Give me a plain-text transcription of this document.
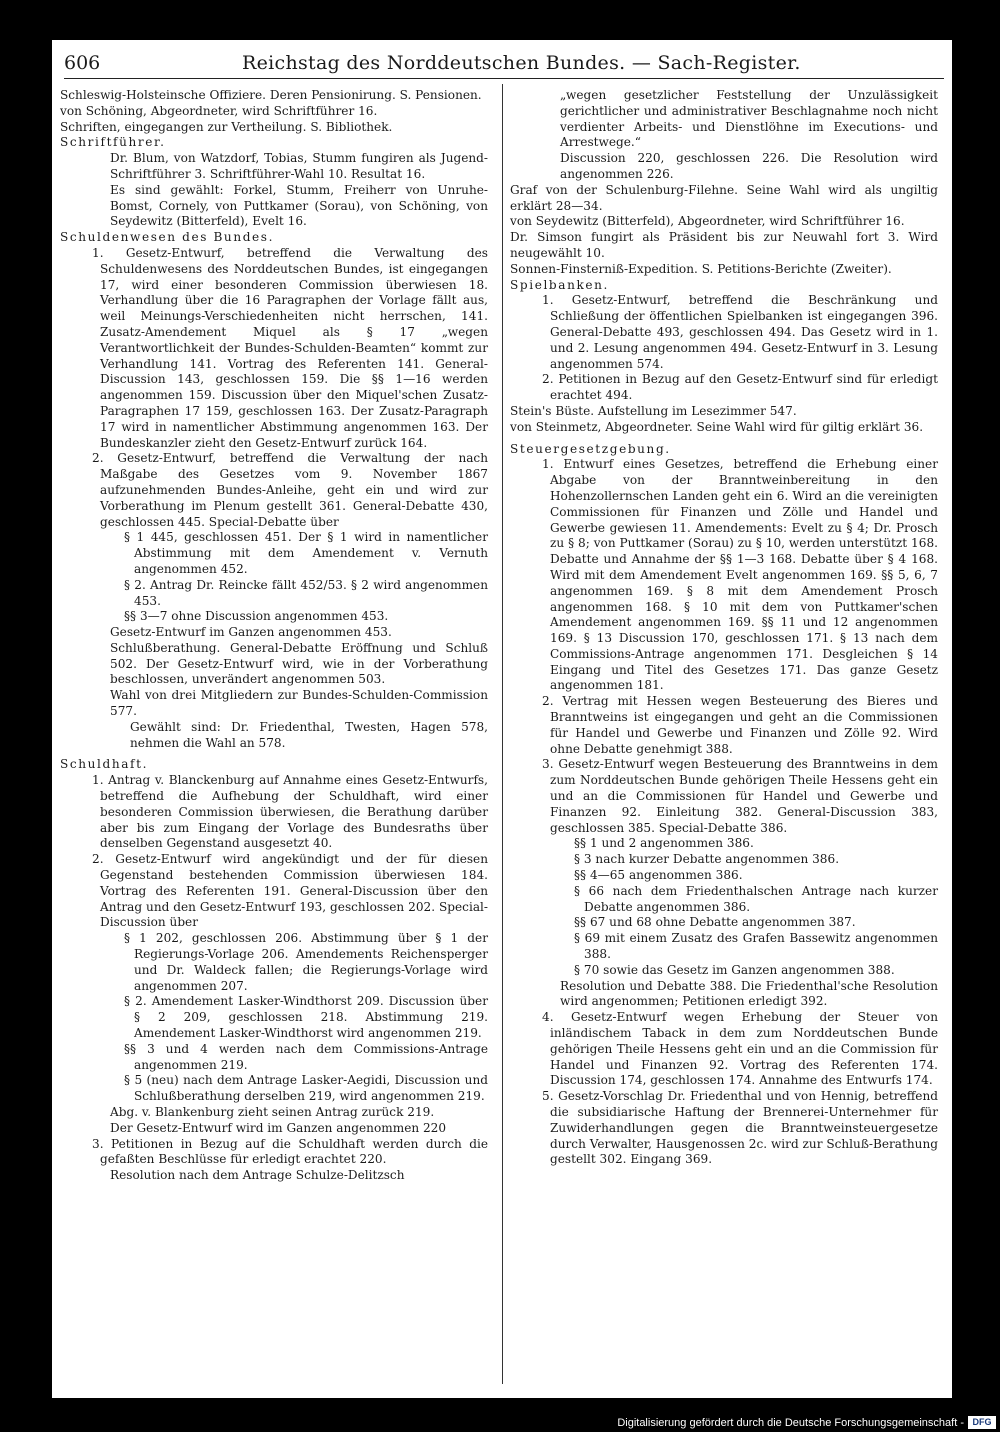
606	Reichstag des Norddeutschen Bundes. — Sach-Register.

Schleswig-Holsteinsche Offiziere. Deren Pensionirung. S. Pensionen.

von Schöning, Abgeordneter, wird Schriftführer 16.

Schriften, eingegangen zur Vertheilung. S. Bibliothek.

Schriftführer.

Dr. Blum, von Watzdorf, Tobias, Stumm fungiren als Jugend-Schriftführer 3. Schriftführer-Wahl 10. Resultat 16.

Es sind gewählt: Forkel, Stumm, Freiherr von Unruhe-Bomst, Cornely, von Puttkamer (Sorau), von Schöning, von Seydewitz (Bitterfeld), Evelt 16.

Schuldenwesen des Bundes.

1. Gesetz-Entwurf, betreffend die Verwaltung des Schuldenwesens des Norddeutschen Bundes, ist eingegangen 17, wird einer besonderen Commission überwiesen 18. Verhandlung über die 16 Paragraphen der Vorlage fällt aus, weil Meinungs-Verschiedenheiten nicht herrschen, 141. Zusatz-Amendement Miquel als § 17 „wegen Verantwortlichkeit der Bundes-Schulden-Beamten“ kommt zur Verhandlung 141. Vortrag des Referenten 141. General-Discussion 143, geschlossen 159. Die §§ 1—16 werden angenommen 159. Discussion über den Miquel'schen Zusatz-Paragraphen 17 159, geschlossen 163. Der Zusatz-Paragraph 17 wird in namentlicher Abstimmung angenommen 163. Der Bundeskanzler zieht den Gesetz-Entwurf zurück 164.

2. Gesetz-Entwurf, betreffend die Verwaltung der nach Maßgabe des Gesetzes vom 9. November 1867 aufzunehmenden Bundes-Anleihe, geht ein und wird zur Vorberathung im Plenum gestellt 361. General-Debatte 430, geschlossen 445. Special-Debatte über

§ 1 445, geschlossen 451. Der § 1 wird in namentlicher Abstimmung mit dem Amendement v. Vernuth angenommen 452.

§ 2. Antrag Dr. Reincke fällt 452/53. § 2 wird angenommen 453.

§§ 3—7 ohne Discussion angenommen 453.

Gesetz-Entwurf im Ganzen angenommen 453.

Schlußberathung. General-Debatte Eröffnung und Schluß 502. Der Gesetz-Entwurf wird, wie in der Vorberathung beschlossen, unverändert angenommen 503.

Wahl von drei Mitgliedern zur Bundes-Schulden-Commission 577.

Gewählt sind: Dr. Friedenthal, Twesten, Hagen 578, nehmen die Wahl an 578.

Schuldhaft.

1. Antrag v. Blanckenburg auf Annahme eines Gesetz-Entwurfs, betreffend die Aufhebung der Schuldhaft, wird einer besonderen Commission überwiesen, die Berathung darüber aber bis zum Eingang der Vorlage des Bundesraths über denselben Gegenstand ausgesetzt 40.

2. Gesetz-Entwurf wird angekündigt und der für diesen Gegenstand bestehenden Commission überwiesen 184. Vortrag des Referenten 191. General-Discussion über den Antrag und den Gesetz-Entwurf 193, geschlossen 202. Special-Discussion über

§ 1 202, geschlossen 206. Abstimmung über § 1 der Regierungs-Vorlage 206. Amendements Reichensperger und Dr. Waldeck fallen; die Regierungs-Vorlage wird angenommen 207.

§ 2. Amendement Lasker-Windthorst 209. Discussion über § 2 209, geschlossen 218. Abstimmung 219. Amendement Lasker-Windthorst wird angenommen 219.

§§ 3 und 4 werden nach dem Commissions-Antrage angenommen 219.

§ 5 (neu) nach dem Antrage Lasker-Aegidi, Discussion und Schlußberathung derselben 219, wird angenommen 219.

Abg. v. Blankenburg zieht seinen Antrag zurück 219.

Der Gesetz-Entwurf wird im Ganzen angenommen 220

3. Petitionen in Bezug auf die Schuldhaft werden durch die gefaßten Beschlüsse für erledigt erachtet 220.

Resolution nach dem Antrage Schulze-Delitzsch

„wegen gesetzlicher Feststellung der Unzulässigkeit gerichtlicher und administrativer Beschlagnahme noch nicht verdienter Arbeits- und Dienstlöhne im Executions- und Arrestwege.“

Discussion 220, geschlossen 226. Die Resolution wird angenommen 226.

Graf von der Schulenburg-Filehne. Seine Wahl wird als ungiltig erklärt 28—34.

von Seydewitz (Bitterfeld), Abgeordneter, wird Schriftführer 16.

Dr. Simson fungirt als Präsident bis zur Neuwahl fort 3. Wird neugewählt 10.

Sonnen-Finsterniß-Expedition. S. Petitions-Berichte (Zweiter).

Spielbanken.

1. Gesetz-Entwurf, betreffend die Beschränkung und Schließung der öffentlichen Spielbanken ist eingegangen 396. General-Debatte 493, geschlossen 494. Das Gesetz wird in 1. und 2. Lesung angenommen 494. Gesetz-Entwurf in 3. Lesung angenommen 574.

2. Petitionen in Bezug auf den Gesetz-Entwurf sind für erledigt erachtet 494.

Stein's Büste. Aufstellung im Lesezimmer 547.

von Steinmetz, Abgeordneter. Seine Wahl wird für giltig erklärt 36.

Steuergesetzgebung.

1. Entwurf eines Gesetzes, betreffend die Erhebung einer Abgabe von der Branntweinbereitung in den Hohenzollernschen Landen geht ein 6. Wird an die vereinigten Commissionen für Finanzen und Zölle und Handel und Gewerbe gewiesen 11. Amendements: Evelt zu § 4; Dr. Prosch zu § 8; von Puttkamer (Sorau) zu § 10, werden unterstützt 168. Debatte und Annahme der §§ 1—3 168. Debatte über § 4 168. Wird mit dem Amendement Evelt angenommen 169. §§ 5, 6, 7 angenommen 169. § 8 mit dem Amendement Prosch angenommen 168. § 10 mit dem von Puttkamer'schen Amendement angenommen 169. §§ 11 und 12 angenommen 169. § 13 Discussion 170, geschlossen 171. § 13 nach dem Commissions-Antrage angenommen 171. Desgleichen § 14 Eingang und Titel des Gesetzes 171. Das ganze Gesetz angenommen 181.

2. Vertrag mit Hessen wegen Besteuerung des Bieres und Branntweins ist eingegangen und geht an die Commissionen für Handel und Gewerbe und Finanzen und Zölle 92. Wird ohne Debatte genehmigt 388.

3. Gesetz-Entwurf wegen Besteuerung des Branntweins in dem zum Norddeutschen Bunde gehörigen Theile Hessens geht ein und an die Commissionen für Handel und Gewerbe und Finanzen 92. Einleitung 382. General-Discussion 383, geschlossen 385. Special-Debatte 386.

§§ 1 und 2 angenommen 386.

§ 3 nach kurzer Debatte angenommen 386.

§§ 4—65 angenommen 386.

§ 66 nach dem Friedenthalschen Antrage nach kurzer Debatte angenommen 386.

§§ 67 und 68 ohne Debatte angenommen 387.

§ 69 mit einem Zusatz des Grafen Bassewitz angenommen 388.

§ 70 sowie das Gesetz im Ganzen angenommen 388.

Resolution und Debatte 388. Die Friedenthal'sche Resolution wird angenommen; Petitionen erledigt 392.

4. Gesetz-Entwurf wegen Erhebung der Steuer von inländischem Taback in dem zum Norddeutschen Bunde gehörigen Theile Hessens geht ein und an die Commission für Handel und Finanzen 92. Vortrag des Referenten 174. Discussion 174, geschlossen 174. Annahme des Entwurfs 174.

5. Gesetz-Vorschlag Dr. Friedenthal und von Hennig, betreffend die subsidiarische Haftung der Brennerei-Unternehmer für Zuwiderhandlungen gegen die Branntweinsteuergesetze durch Verwalter, Hausgenossen 2c. wird zur Schluß-Berathung gestellt 302. Eingang 369.

Digitalisierung gefördert durch die Deutsche Forschungsgemeinschaft - DFG
